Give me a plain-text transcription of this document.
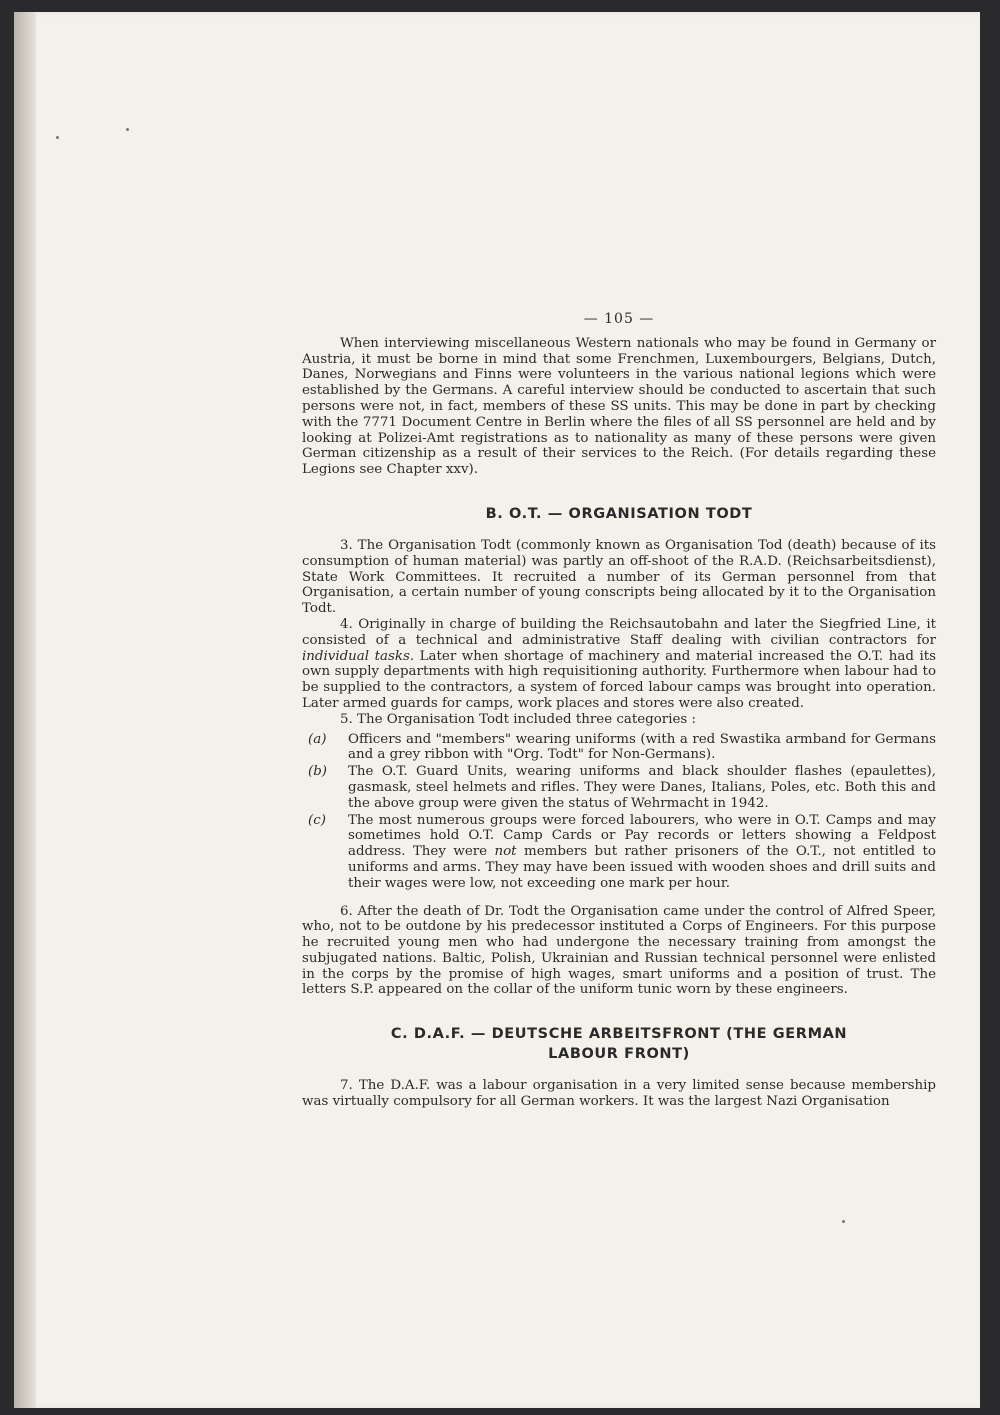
— 105 —

When interviewing miscellaneous Western nationals who may be found in Germany or Austria, it must be borne in mind that some Frenchmen, Luxembourgers, Belgians, Dutch, Danes, Norwegians and Finns were volunteers in the various national legions which were established by the Germans. A careful interview should be conducted to ascertain that such persons were not, in fact, members of these SS units. This may be done in part by checking with the 7771 Document Centre in Berlin where the files of all SS personnel are held and by looking at Polizei-Amt registrations as to nationality as many of these persons were given German citizenship as a result of their services to the Reich. (For details regarding these Legions see Chapter xxv).

B. O.T. — ORGANISATION TODT

3. The Organisation Todt (commonly known as Organisation Tod (death) because of its consumption of human material) was partly an off-shoot of the R.A.D. (Reichsarbeitsdienst), State Work Committees. It recruited a number of its German personnel from that Organisation, a certain number of young conscripts being allocated by it to the Organisation Todt.

4. Originally in charge of building the Reichsautobahn and later the Siegfried Line, it consisted of a technical and administrative Staff dealing with civilian contractors for individual tasks. Later when shortage of machinery and material increased the O.T. had its own supply departments with high requisitioning authority. Furthermore when labour had to be supplied to the contractors, a system of forced labour camps was brought into operation. Later armed guards for camps, work places and stores were also created.

5. The Organisation Todt included three categories :

(a)	Officers and "members" wearing uniforms (with a red Swastika armband for Germans and a grey ribbon with "Org. Todt" for Non-Germans).
(b)	The O.T. Guard Units, wearing uniforms and black shoulder flashes (epaulettes), gasmask, steel helmets and rifles. They were Danes, Italians, Poles, etc. Both this and the above group were given the status of Wehrmacht in 1942.
(c)	The most numerous groups were forced labourers, who were in O.T. Camps and may sometimes hold O.T. Camp Cards or Pay records or letters showing a Feldpost address. They were not members but rather prisoners of the O.T., not entitled to uniforms and arms. They may have been issued with wooden shoes and drill suits and their wages were low, not exceeding one mark per hour.

6. After the death of Dr. Todt the Organisation came under the control of Alfred Speer, who, not to be outdone by his predecessor instituted a Corps of Engineers. For this purpose he recruited young men who had undergone the necessary training from amongst the subjugated nations. Baltic, Polish, Ukrainian and Russian technical personnel were enlisted in the corps by the promise of high wages, smart uniforms and a position of trust. The letters S.P. appeared on the collar of the uniform tunic worn by these engineers.

C. D.A.F. — DEUTSCHE ARBEITSFRONT (THE GERMAN
LABOUR FRONT)

7. The D.A.F. was a labour organisation in a very limited sense because membership was virtually compulsory for all German workers. It was the largest Nazi Organisation
